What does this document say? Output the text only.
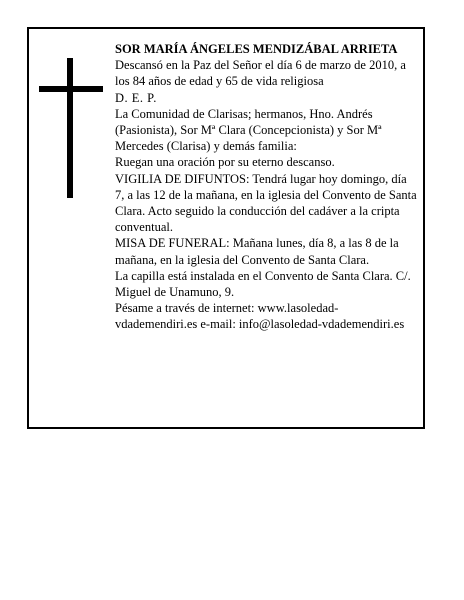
SOR MARÍA ÁNGELES MENDIZÁBAL ARRIETA

Descansó en la Paz del Señor el día 6 de marzo de 2010, a los 84 años de edad y 65 de vida religiosa

D. E. P.

La Comunidad de Clarisas; hermanos, Hno. Andrés (Pasionista), Sor Mª Clara (Concepcionista) y Sor Mª Mercedes (Clarisa) y demás familia:

Ruegan una oración por su eterno descanso.

VIGILIA DE DIFUNTOS: Tendrá lugar hoy domingo, día 7, a las 12 de la mañana, en la iglesia del Convento de Santa Clara. Acto seguido la conducción del cadáver a la cripta conventual.

MISA DE FUNERAL: Mañana lunes, día 8, a las 8 de la mañana, en la iglesia del Convento de Santa Clara.

La capilla está instalada en el Convento de Santa Clara. C/. Miguel de Unamuno, 9.

Pésame a través de internet: www.lasoledad-vdademendiri.es e-mail: info@lasoledad-vdademendiri.es
